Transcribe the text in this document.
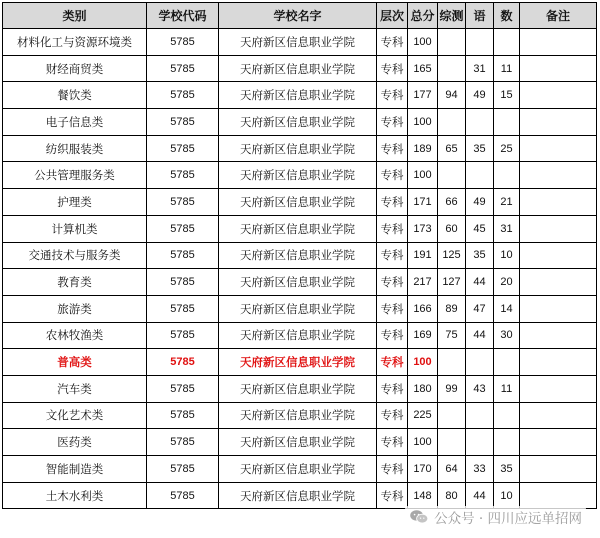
类别	学校代码	学校名字	层次	总分	综测	语	数	备注
材料化工与资源环境类	5785	天府新区信息职业学院	专科	100				
财经商贸类	5785	天府新区信息职业学院	专科	165		31	11	
餐饮类	5785	天府新区信息职业学院	专科	177	94	49	15	
电子信息类	5785	天府新区信息职业学院	专科	100				
纺织服装类	5785	天府新区信息职业学院	专科	189	65	35	25	
公共管理服务类	5785	天府新区信息职业学院	专科	100				
护理类	5785	天府新区信息职业学院	专科	171	66	49	21	
计算机类	5785	天府新区信息职业学院	专科	173	60	45	31	
交通技术与服务类	5785	天府新区信息职业学院	专科	191	125	35	10	
教育类	5785	天府新区信息职业学院	专科	217	127	44	20	
旅游类	5785	天府新区信息职业学院	专科	166	89	47	14	
农林牧渔类	5785	天府新区信息职业学院	专科	169	75	44	30	
普高类	5785	天府新区信息职业学院	专科	100				
汽车类	5785	天府新区信息职业学院	专科	180	99	43	11	
文化艺术类	5785	天府新区信息职业学院	专科	225				
医药类	5785	天府新区信息职业学院	专科	100				
智能制造类	5785	天府新区信息职业学院	专科	170	64	33	35	
土木水利类	5785	天府新区信息职业学院	专科	148	80	44	10	
公众号 · 四川应远单招网
